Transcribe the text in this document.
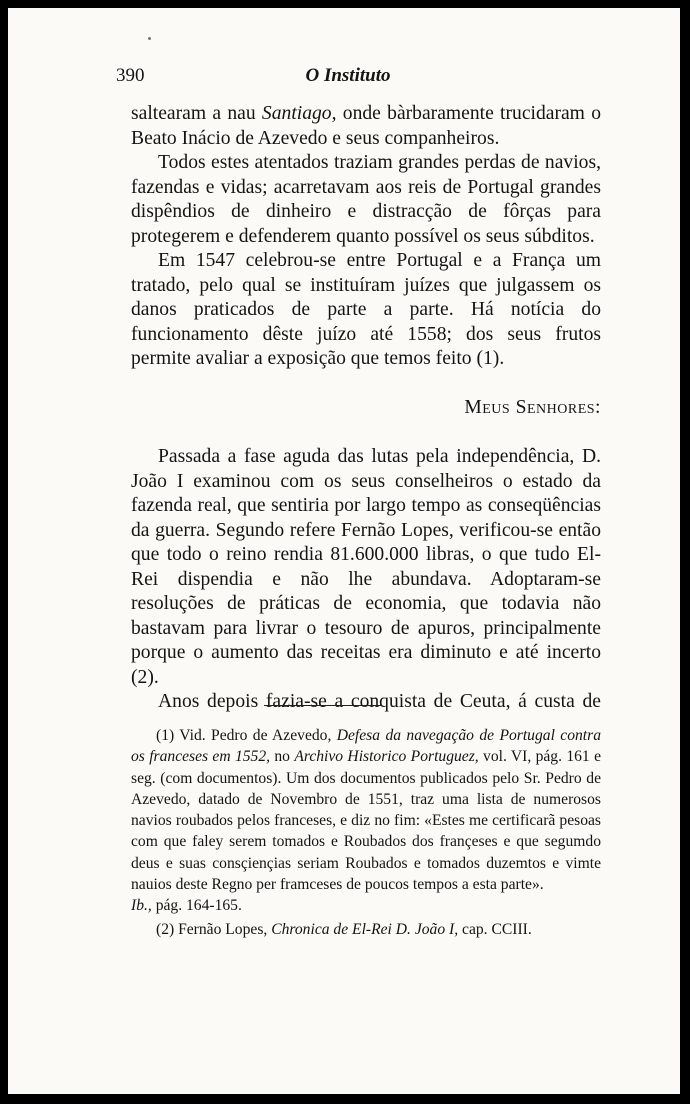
390	O Instituto

saltearam a nau Santiago, onde bàrbaramente trucidaram o Beato Inácio de Azevedo e seus companheiros.

Todos estes atentados traziam grandes perdas de navios, fazendas e vidas; acarretavam aos reis de Portugal grandes dispêndios de dinheiro e distracção de fôrças para protegerem e defenderem quanto possível os seus súbditos.

Em 1547 celebrou-se entre Portugal e a França um tratado, pelo qual se instituíram juízes que julgassem os danos praticados de parte a parte. Há notícia do funcionamento dêste juízo até 1558; dos seus frutos permite avaliar a exposição que temos feito (1).

Meus Senhores:

Passada a fase aguda das lutas pela independência, D. João I examinou com os seus conselheiros o estado da fazenda real, que sentiria por largo tempo as conseqüências da guerra. Segundo refere Fernão Lopes, verificou-se então que todo o reino rendia 81.600.000 libras, o que tudo El-Rei dispendia e não lhe abundava. Adoptaram-se resoluções de práticas de economia, que todavia não bastavam para livrar o tesouro de apuros, principalmente porque o aumento das receitas era diminuto e até incerto (2).

Anos depois fazia-se a conquista de Ceuta, á custa de

(1) Vid. Pedro de Azevedo, Defesa da navegação de Portugal contra os franceses em 1552, no Archivo Historico Portuguez, vol. VI, pág. 161 e seg. (com documentos). Um dos documentos publicados pelo Sr. Pedro de Azevedo, datado de Novembro de 1551, traz uma lista de numerosos navios roubados pelos franceses, e diz no fim: «Estes me certificarã pesoas com que faley serem tomados e Roubados dos françeses e que segumdo deus e suas consçiençias seriam Roubados e tomados duzemtos e vimte nauios deste Regno per framceses de poucos tempos a esta parte».
Ib., pág. 164-165.

(2) Fernão Lopes, Chronica de El-Rei D. João I, cap. CCIII.
